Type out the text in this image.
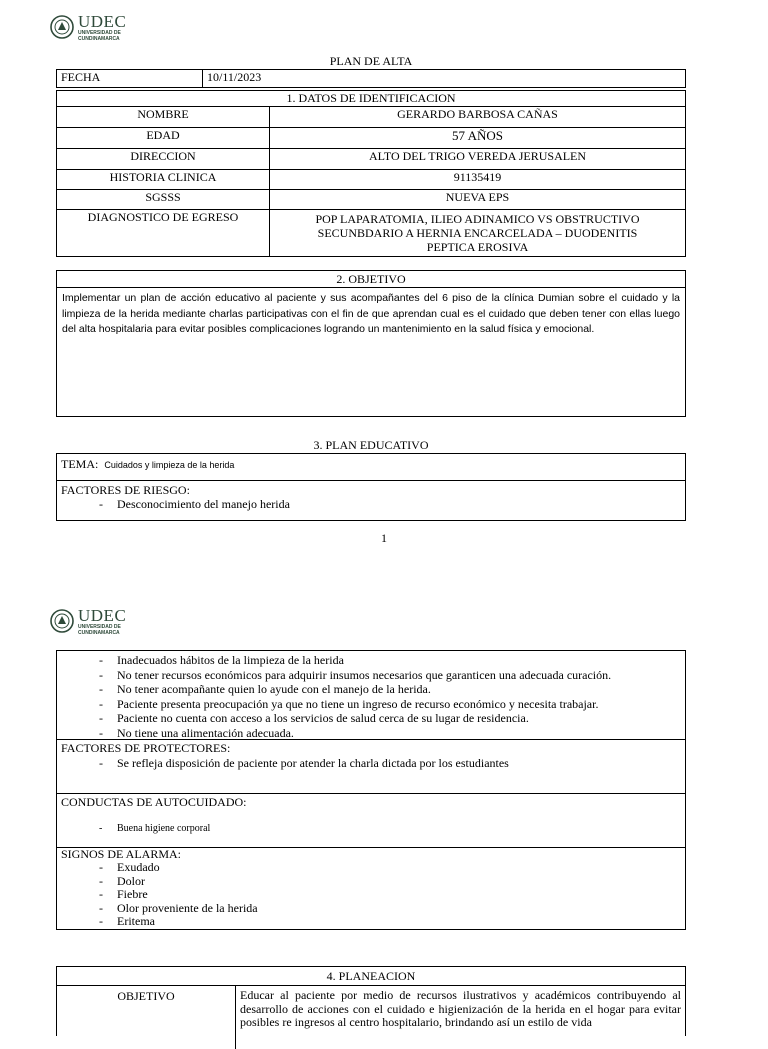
UDEC
UNIVERSIDAD DE
CUNDINAMARCA
PLAN DE ALTA
FECHA	10/11/2023
1. DATOS DE IDENTIFICACION	
NOMBRE	GERARDO BARBOSA CAÑAS
EDAD	57 AÑOS
DIRECCION	ALTO DEL TRIGO VEREDA JERUSALEN
HISTORIA CLINICA	91135419
SGSSS	NUEVA EPS
DIAGNOSTICO DE EGRESO	POP LAPARATOMIA, ILIEO ADINAMICO VS OBSTRUCTIVO SECUNBDARIO A HERNIA ENCARCELADA – DUODENITIS PEPTICA EROSIVA
2. OBJETIVO
Implementar un plan de acción educativo al paciente y sus acompañantes del 6 piso de la clínica Dumian sobre el cuidado y la limpieza de la herida mediante charlas participativas con el fin de que aprendan cual es el cuidado que deben tener con ellas luego del alta hospitalaria para evitar posibles complicaciones logrando un mantenimiento en la salud física y emocional.
3. PLAN EDUCATIVO
TEMA: Cuidados y limpieza de la herida
FACTORES DE RIESGO:
- Desconocimiento del manejo herida
1
UDEC
UNIVERSIDAD DE
CUNDINAMARCA
- Inadecuados hábitos de la limpieza de la herida
- No tener recursos económicos para adquirir insumos necesarios que garanticen una adecuada curación.
- No tener acompañante quien lo ayude con el manejo de la herida.
- Paciente presenta preocupación ya que no tiene un ingreso de recurso económico y necesita trabajar.
- Paciente no cuenta con acceso a los servicios de salud cerca de su lugar de residencia.
- No tiene una alimentación adecuada.
FACTORES DE PROTECTORES:
- Se refleja disposición de paciente por atender la charla dictada por los estudiantes
CONDUCTAS DE AUTOCUIDADO:
- Buena higiene corporal
SIGNOS DE ALARMA:
- Exudado
- Dolor
- Fiebre
- Olor proveniente de la herida
- Eritema
4. PLANEACION
OBJETIVO	Educar al paciente por medio de recursos ilustrativos y académicos contribuyendo al desarrollo de acciones con el cuidado e higienización de la herida en el hogar para evitar posibles re ingresos al centro hospitalario, brindando así un estilo de vida
